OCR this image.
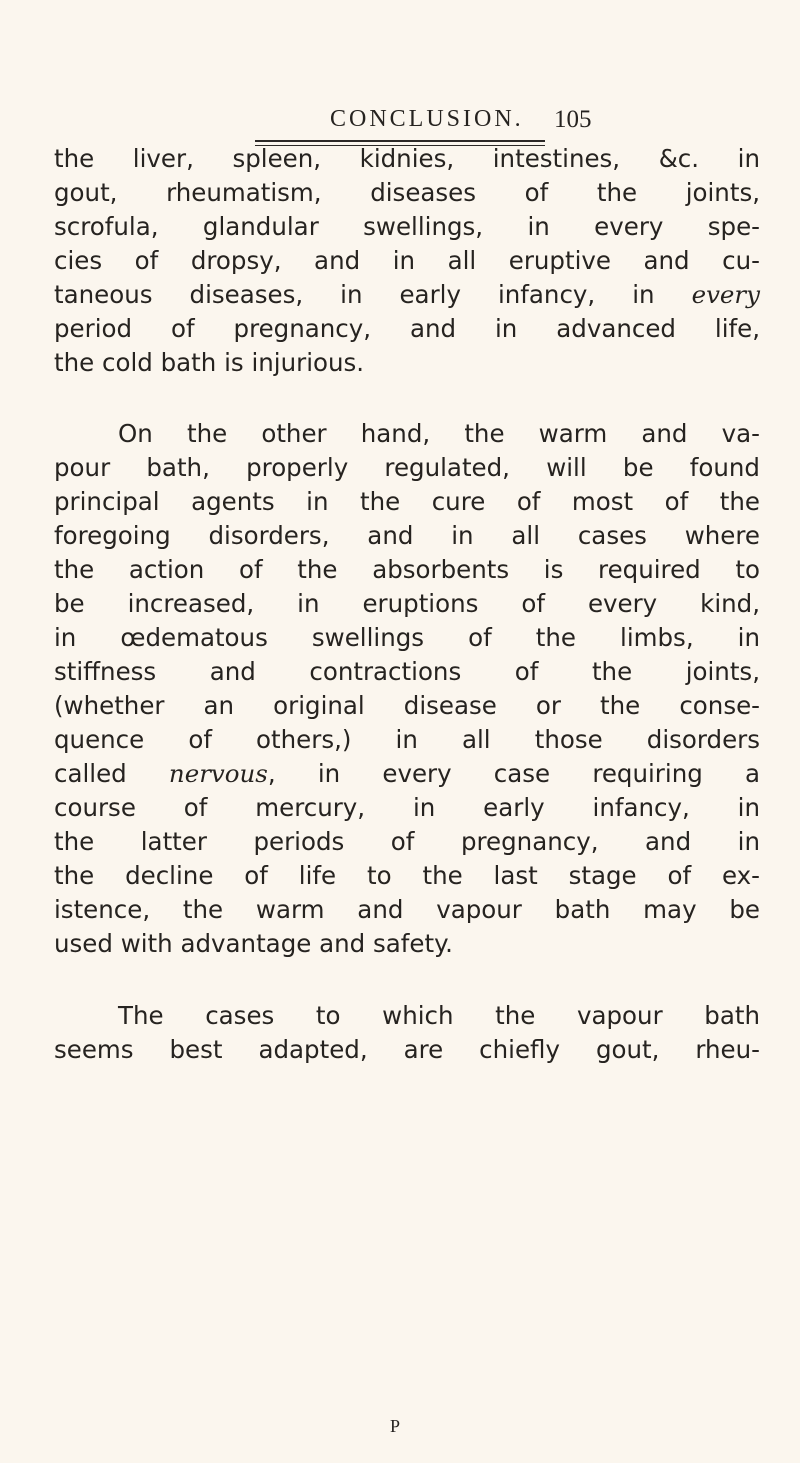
CONCLUSION. 105
the liver, spleen, kidnies, intestines, &c. in
gout, rheumatism, diseases of the joints,
scrofula, glandular swellings, in every spe-
cies of dropsy, and in all eruptive and cu-
taneous diseases, in early infancy, in every
period of pregnancy, and in advanced life,
the cold bath is injurious.
On the other hand, the warm and va-
pour bath, properly regulated, will be found
principal agents in the cure of most of the
foregoing disorders, and in all cases where
the action of the absorbents is required to
be increased, in eruptions of every kind,
in œdematous swellings of the limbs, in
stiffness and contractions of the joints,
(whether an original disease or the conse-
quence of others,) in all those disorders
called nervous, in every case requiring a
course of mercury, in early infancy, in
the latter periods of pregnancy, and in
the decline of life to the last stage of ex-
istence, the warm and vapour bath may be
used with advantage and safety.
The cases to which the vapour bath
seems best adapted, are chiefly gout, rheu-
P
